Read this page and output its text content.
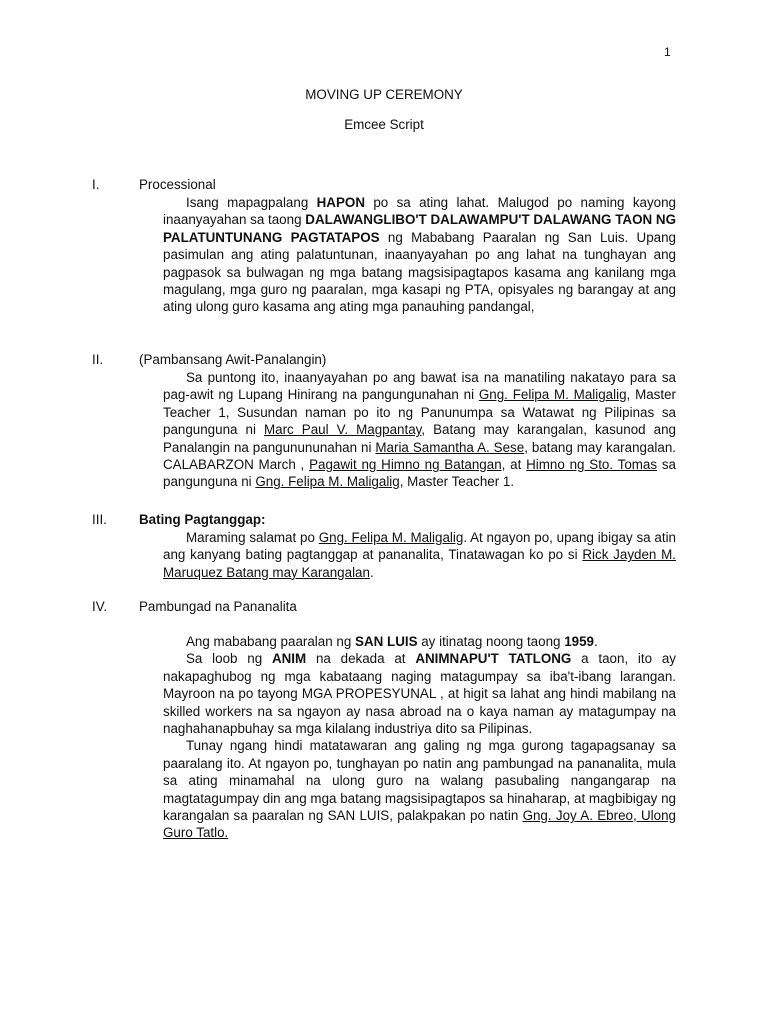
1
MOVING UP CEREMONY
Emcee Script
I.	Processional

Isang mapagpalang HAPON po sa ating lahat. Malugod po naming kayong inaanyayahan sa taong DALAWANGLIBO'T DALAWAMPU'T DALAWANG TAON NG PALATUNTUNANG PAGTATAPOS ng Mababang Paaralan ng San Luis. Upang pasimulan ang ating palatuntunan, inaanyayahan po ang lahat na tunghayan ang pagpasok sa bulwagan ng mga batang magsisipagtapos kasama ang kanilang mga magulang, mga guro ng paaralan, mga kasapi ng PTA, opisyales ng barangay at ang ating ulong guro kasama ang ating mga panauhing pandangal,

II.	(Pambansang Awit-Panalangin)

Sa puntong ito, inaanyayahan po ang bawat isa na manatiling nakatayo para sa pag-awit ng Lupang Hinirang na pangungunahan ni Gng. Felipa M. Maligalig, Master Teacher 1, Susundan naman po ito ng Panunumpa sa Watawat ng Pilipinas sa pangunguna ni Marc Paul V. Magpantay, Batang may karangalan, kasunod ang Panalangin na pangunununahan ni Maria Samantha A. Sese, batang may karangalan. CALABARZON March , Pagawit ng Himno ng Batangan, at Himno ng Sto. Tomas sa pangunguna ni Gng. Felipa M. Maligalig, Master Teacher 1.

III. Bating Pagtanggap:

Maraming salamat po Gng. Felipa M. Maligalig. At ngayon po, upang ibigay sa atin ang kanyang bating pagtanggap at pananalita, Tinatawagan ko po si Rick Jayden M. Maruquez Batang may Karangalan.

IV. Pambungad na Pananalita

Ang mababang paaralan ng SAN LUIS ay itinatag noong taong 1959.

Sa loob ng ANIM na dekada at ANIMNAPU'T TATLONG a taon, ito ay nakapaghubog ng mga kabataang naging matagumpay sa iba't-ibang larangan. Mayroon na po tayong MGA PROPESYUNAL , at higit sa lahat ang hindi mabilang na skilled workers na sa ngayon ay nasa abroad na o kaya naman ay matagumpay na naghahanapbuhay sa mga kilalang industriya dito sa Pilipinas.

Tunay ngang hindi matatawaran ang galing ng mga gurong tagapagsanay sa paaralang ito. At ngayon po, tunghayan po natin ang pambungad na pananalita, mula sa ating minamahal na ulong guro na walang pasubaling nangangarap na magtatagumpay din ang mga batang magsisipagtapos sa hinaharap, at magbibigay ng karangalan sa paaralan ng SAN LUIS, palakpakan po natin Gng. Joy A. Ebreo, Ulong Guro Tatlo.
